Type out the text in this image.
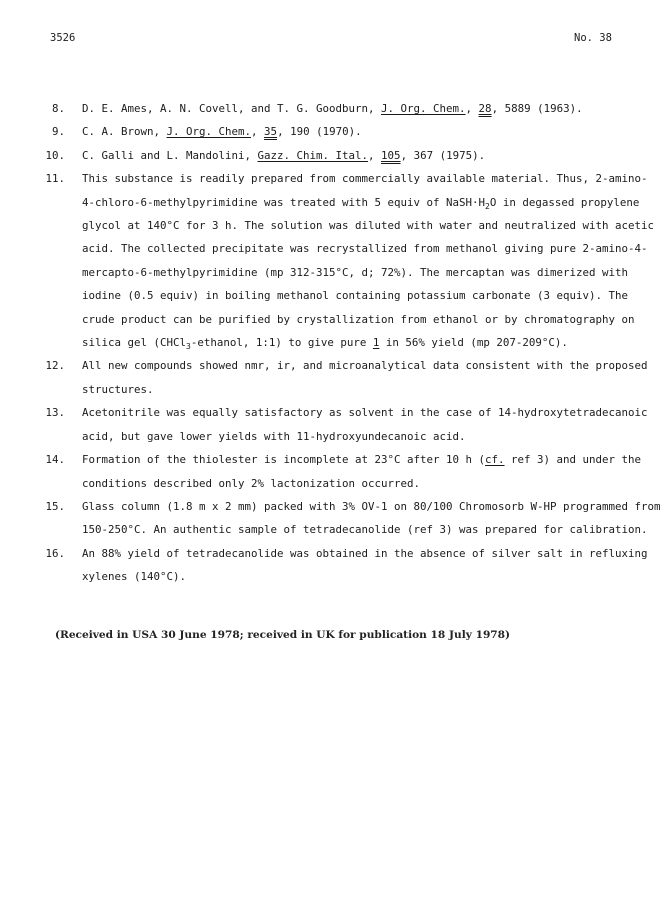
3526	No. 38
8. D. E. Ames, A. N. Covell, and T. G. Goodburn, J. Org. Chem., 28, 5889 (1963).
9. C. A. Brown, J. Org. Chem., 35, 190 (1970).
10. C. Galli and L. Mandolini, Gazz. Chim. Ital., 105, 367 (1975).
11. This substance is readily prepared from commercially available material. Thus, 2-amino-
4-chloro-6-methylpyrimidine was treated with 5 equiv of $NaSH\cdot H_2O$ in degassed propylene
glycol at 140°C for 3 h. The solution was diluted with water and neutralized with acetic
acid. The collected precipitate was recrystallized from methanol giving pure 2-amino-4-
mercapto-6-methylpyrimidine (mp 312-315°C, d; 72%). The mercaptan was dimerized with
iodine (0.5 equiv) in boiling methanol containing potassium carbonate (3 equiv). The
crude product can be purified by crystallization from ethanol or by chromatography on
silica gel (CHCl$_3$-ethanol, 1:1) to give pure 1 in 56% yield (mp 207-209°C).
12. All new compounds showed nmr, ir, and microanalytical data consistent with the proposed
structures.
13. Acetonitrile was equally satisfactory as solvent in the case of 14-hydroxytetradecanoic
acid, but gave lower yields with 11-hydroxyundecanoic acid.
14. Formation of the thiolester is incomplete at 23°C after 10 h (cf. ref 3) and under the
conditions described only 2% lactonization occurred.
15. Glass column (1.8 m x 2 mm) packed with 3% OV-1 on 80/100 Chromosorb W-HP programmed from
150-250°C. An authentic sample of tetradecanolide (ref 3) was prepared for calibration.
16. An 88% yield of tetradecanolide was obtained in the absence of silver salt in refluxing
xylenes (140°C).
(Received in USA 30 June 1978; received in UK for publication 18 July 1978)
